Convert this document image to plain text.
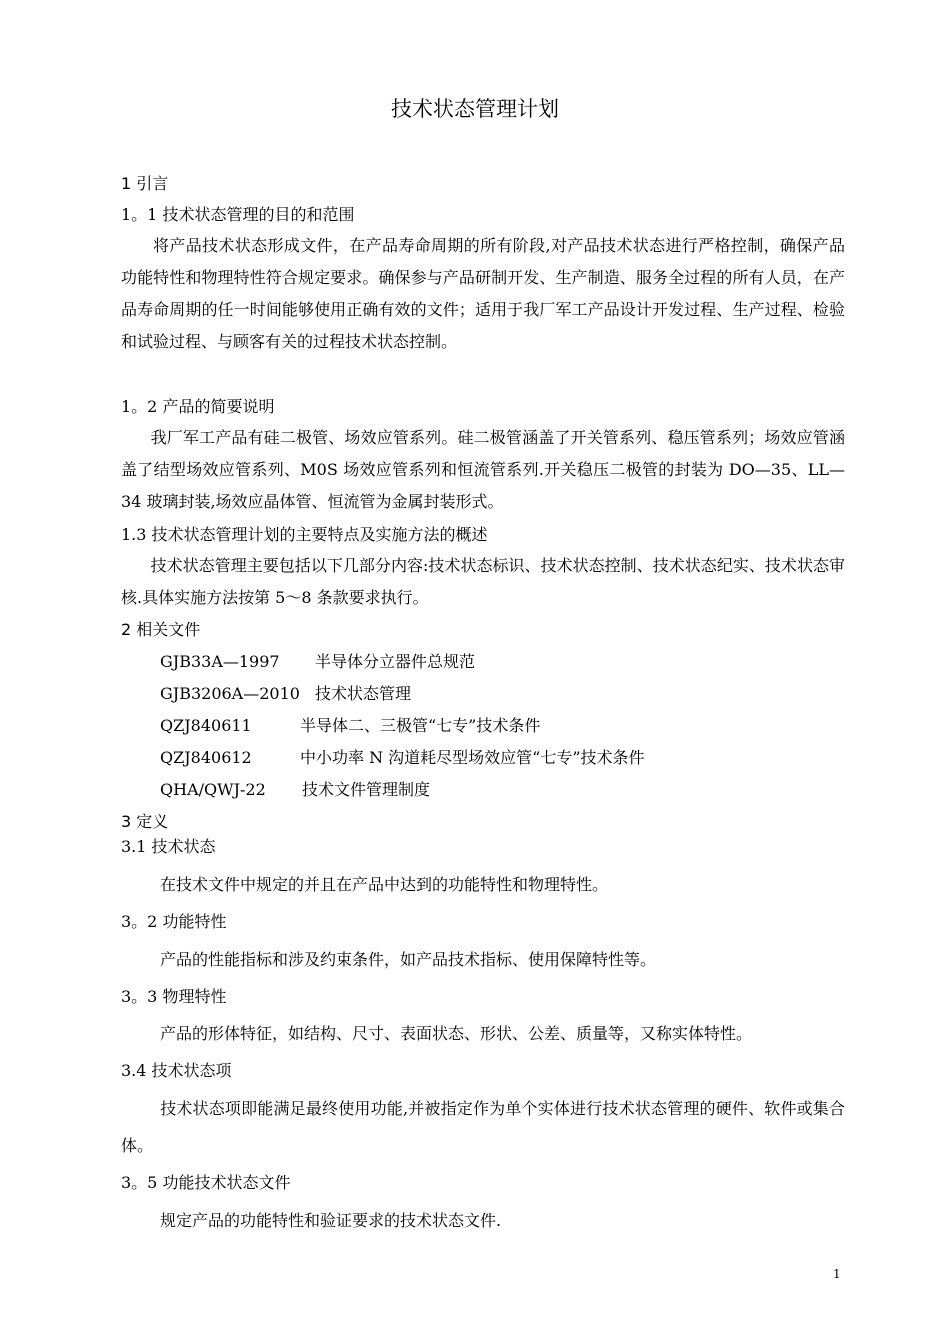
技术状态管理计划
1 引言
1。1 技术状态管理的目的和范围
将产品技术状态形成文件，在产品寿命周期的所有阶段,对产品技术状态进行严格控制，确保产品功能特性和物理特性符合规定要求。确保参与产品研制开发、生产制造、服务全过程的所有人员，在产品寿命周期的任一时间能够使用正确有效的文件；适用于我厂军工产品设计开发过程、生产过程、检验和试验过程、与顾客有关的过程技术状态控制。
1。2 产品的简要说明
我厂军工产品有硅二极管、场效应管系列。硅二极管涵盖了开关管系列、稳压管系列；场效应管涵盖了结型场效应管系列、M0S 场效应管系列和恒流管系列.开关稳压二极管的封装为 DO—35、LL—34 玻璃封装,场效应晶体管、恒流管为金属封装形式。
1.3 技术状态管理计划的主要特点及实施方法的概述
技术状态管理主要包括以下几部分内容:技术状态标识、技术状态控制、技术状态纪实、技术状态审核.具体实施方法按第 5～8 条款要求执行。
2 相关文件
GJB33A—1997 半导体分立器件总规范
GJB3206A—2010 技术状态管理
QZJ840611	半导体二、三极管“七专”技术条件
QZJ840612	中小功率 N 沟道耗尽型场效应管“七专”技术条件
QHA/QWJ-22 技术文件管理制度
3 定义
3.1 技术状态
在技术文件中规定的并且在产品中达到的功能特性和物理特性。
3。2 功能特性
产品的性能指标和涉及约束条件，如产品技术指标、使用保障特性等。
3。3 物理特性
产品的形体特征，如结构、尺寸、表面状态、形状、公差、质量等，又称实体特性。
3.4 技术状态项
技术状态项即能满足最终使用功能,并被指定作为单个实体进行技术状态管理的硬件、软件或集合体。
3。5 功能技术状态文件
规定产品的功能特性和验证要求的技术状态文件.
1
